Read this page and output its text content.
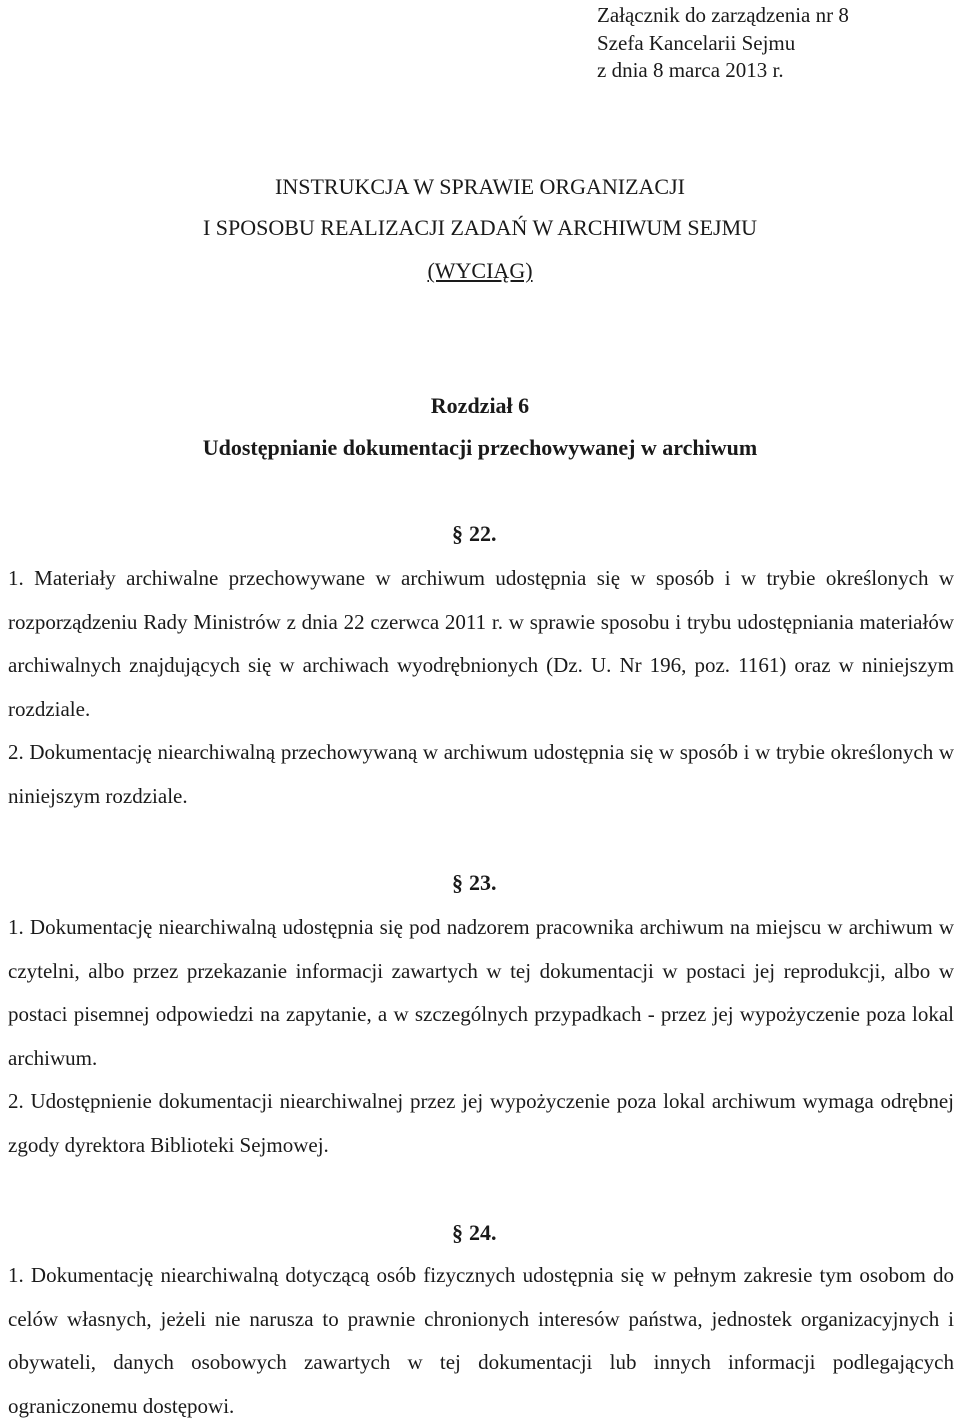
Załącznik do zarządzenia nr 8
Szefa Kancelarii Sejmu
z dnia 8 marca 2013 r.
INSTRUKCJA W SPRAWIE ORGANIZACJI
I SPOSOBU REALIZACJI ZADAŃ W ARCHIWUM SEJMU
(WYCIĄG)
Rozdział 6
Udostępnianie dokumentacji przechowywanej w archiwum
§ 22.
1. Materiały archiwalne przechowywane w archiwum udostępnia się w sposób i w trybie określonych w rozporządzeniu Rady Ministrów z dnia 22 czerwca 2011 r. w sprawie sposobu i trybu udostępniania materiałów archiwalnych znajdujących się w archiwach wyodrębnionych (Dz. U. Nr 196, poz. 1161) oraz w niniejszym rozdziale.
2. Dokumentację niearchiwalną przechowywaną w archiwum udostępnia się w sposób i w trybie określonych w niniejszym rozdziale.
§ 23.
1. Dokumentację niearchiwalną udostępnia się pod nadzorem pracownika archiwum na miejscu w archiwum w czytelni, albo przez przekazanie informacji zawartych w tej dokumentacji w postaci jej reprodukcji, albo w postaci pisemnej odpowiedzi na zapytanie, a w szczególnych przypadkach - przez jej wypożyczenie poza lokal archiwum.
2. Udostępnienie dokumentacji niearchiwalnej przez jej wypożyczenie poza lokal archiwum wymaga odrębnej zgody dyrektora Biblioteki Sejmowej.
§ 24.
1. Dokumentację niearchiwalną dotyczącą osób fizycznych udostępnia się w pełnym zakresie tym osobom do celów własnych, jeżeli nie narusza to prawnie chronionych interesów państwa, jednostek organizacyjnych i obywateli, danych osobowych zawartych w tej dokumentacji lub innych informacji podlegających ograniczonemu dostępowi.
